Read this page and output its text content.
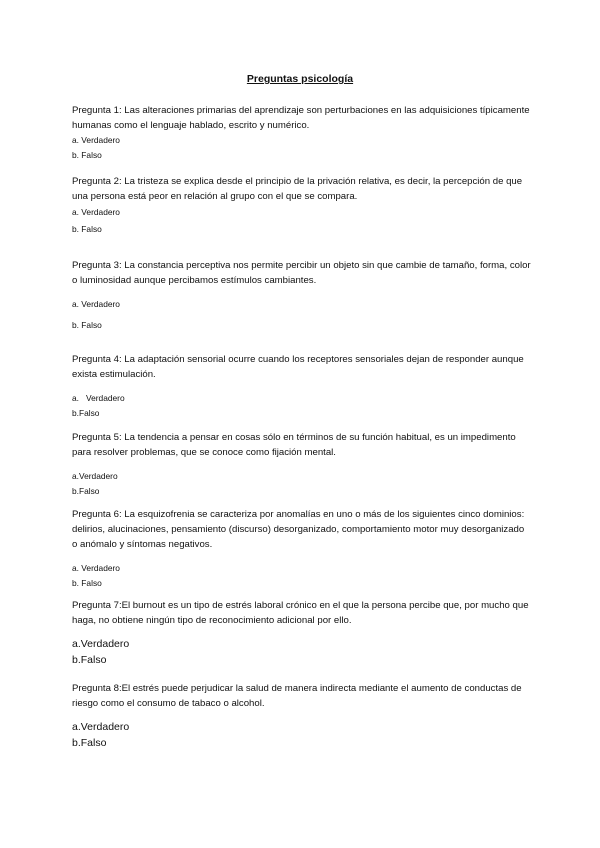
Preguntas psicología

Pregunta 1: Las alteraciones primarias del aprendizaje son perturbaciones en las adquisiciones típicamente humanas como el lenguaje hablado, escrito y numérico.

a. Verdadero

b. Falso

Pregunta 2: La tristeza se explica desde el principio de la privación relativa, es decir, la percepción de que una persona está peor en relación al grupo con el que se compara.

a. Verdadero

b. Falso

Pregunta 3: La constancia perceptiva nos permite percibir un objeto sin que cambie de tamaño, forma, color o luminosidad aunque percibamos estímulos cambiantes.

a. Verdadero

b. Falso

Pregunta 4: La adaptación sensorial ocurre cuando los receptores sensoriales dejan de responder aunque exista estimulación.

a.   Verdadero

b.Falso

Pregunta 5: La tendencia a pensar en cosas sólo en términos de su función habitual, es un impedimento para resolver problemas, que se conoce como fijación mental.

a.Verdadero

b.Falso

Pregunta 6: La esquizofrenia se caracteriza por anomalías en uno o más de los siguientes cinco dominios: delirios, alucinaciones, pensamiento (discurso) desorganizado, comportamiento motor muy desorganizado o anómalo y síntomas negativos.

a. Verdadero

b. Falso

Pregunta 7:El burnout es un tipo de estrés laboral crónico en el que la persona percibe que, por mucho que haga, no obtiene ningún tipo de reconocimiento adicional por ello.

a.Verdadero

b.Falso

Pregunta 8:El estrés puede perjudicar la salud de manera indirecta mediante el aumento de conductas de riesgo como el consumo de tabaco o alcohol.

a.Verdadero

b.Falso
